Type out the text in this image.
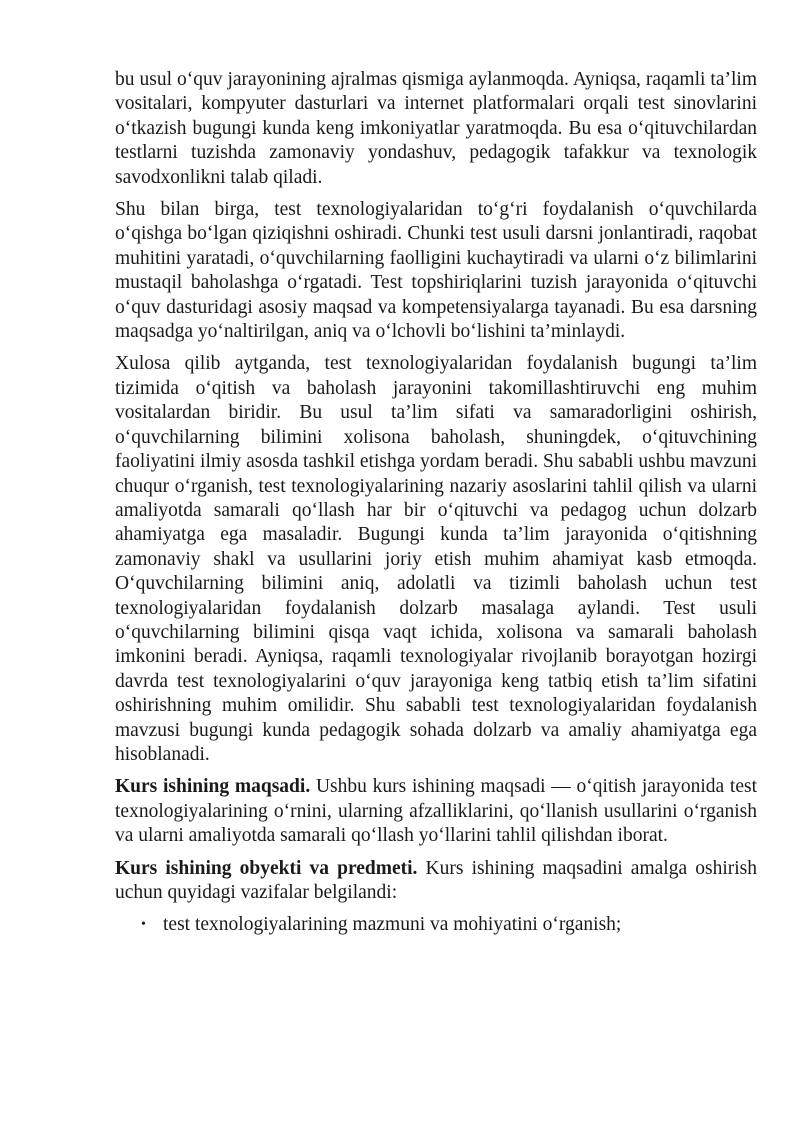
bu usul o‘quv jarayonining ajralmas qismiga aylanmoqda. Ayniqsa, raqamli ta’lim vositalari, kompyuter dasturlari va internet platformalari orqali test sinovlarini o‘tkazish bugungi kunda keng imkoniyatlar yaratmoqda. Bu esa o‘qituvchilardan testlarni tuzishda zamonaviy yondashuv, pedagogik tafakkur va texnologik savodxonlikni talab qiladi.

Shu bilan birga, test texnologiyalaridan to‘g‘ri foydalanish o‘quvchilarda o‘qishga bo‘lgan qiziqishni oshiradi. Chunki test usuli darsni jonlantiradi, raqobat muhitini yaratadi, o‘quvchilarning faolligini kuchaytiradi va ularni o‘z bilimlarini mustaqil baholashga o‘rgatadi. Test topshiriqlarini tuzish jarayonida o‘qituvchi o‘quv dasturidagi asosiy maqsad va kompetensiyalarga tayanadi. Bu esa darsning maqsadga yo‘naltirilgan, aniq va o‘lchovli bo‘lishini ta’minlaydi.

Xulosa qilib aytganda, test texnologiyalaridan foydalanish bugungi ta’lim tizimida o‘qitish va baholash jarayonini takomillashtiruvchi eng muhim vositalardan biridir. Bu usul ta’lim sifati va samaradorligini oshirish, o‘quvchilarning bilimini xolisona baholash, shuningdek, o‘qituvchining faoliyatini ilmiy asosda tashkil etishga yordam beradi. Shu sababli ushbu mavzuni chuqur o‘rganish, test texnologiyalarining nazariy asoslarini tahlil qilish va ularni amaliyotda samarali qo‘llash har bir o‘qituvchi va pedagog uchun dolzarb ahamiyatga ega masaladir. Bugungi kunda ta’lim jarayonida o‘qitishning zamonaviy shakl va usullarini joriy etish muhim ahamiyat kasb etmoqda. O‘quvchilarning bilimini aniq, adolatli va tizimli baholash uchun test texnologiyalaridan foydalanish dolzarb masalaga aylandi. Test usuli o‘quvchilarning bilimini qisqa vaqt ichida, xolisona va samarali baholash imkonini beradi. Ayniqsa, raqamli texnologiyalar rivojlanib borayotgan hozirgi davrda test texnologiyalarini o‘quv jarayoniga keng tatbiq etish ta’lim sifatini oshirishning muhim omilidir. Shu sababli test texnologiyalaridan foydalanish mavzusi bugungi kunda pedagogik sohada dolzarb va amaliy ahamiyatga ega hisoblanadi.

Kurs ishining maqsadi. Ushbu kurs ishining maqsadi — o‘qitish jarayonida test texnologiyalarining o‘rnini, ularning afzalliklarini, qo‘llanish usullarini o‘rganish va ularni amaliyotda samarali qo‘llash yo‘llarini tahlil qilishdan iborat.

Kurs ishining obyekti va predmeti. Kurs ishining maqsadini amalga oshirish uchun quyidagi vazifalar belgilandi:

• test texnologiyalarining mazmuni va mohiyatini o‘rganish;
